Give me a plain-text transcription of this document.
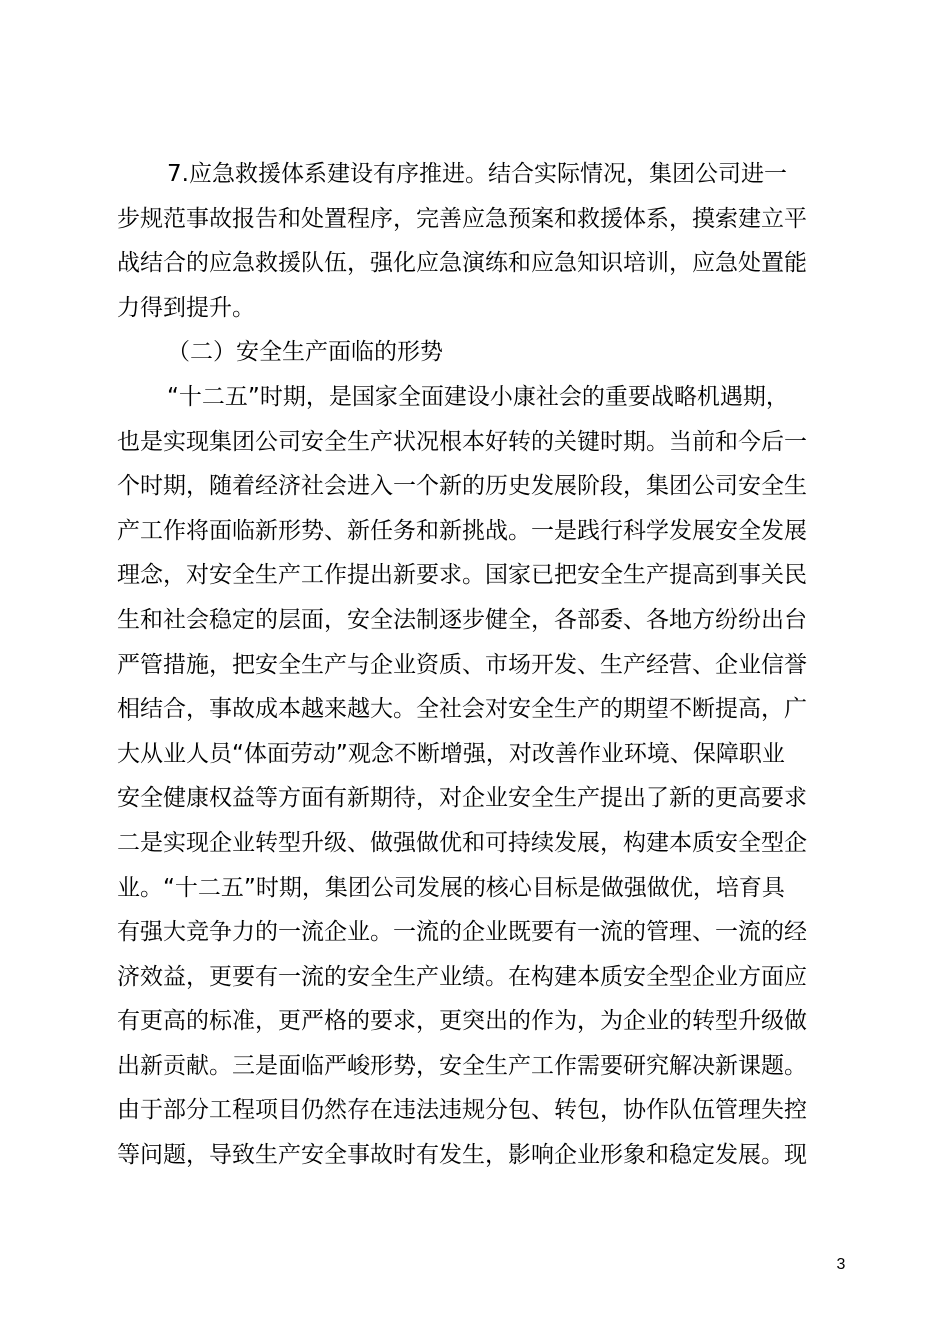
7.应急救援体系建设有序推进。结合实际情况，集团公司进一
步规范事故报告和处置程序，完善应急预案和救援体系，摸索建立平
战结合的应急救援队伍，强化应急演练和应急知识培训，应急处置能
力得到提升。
（二）安全生产面临的形势
“十二五”时期，是国家全面建设小康社会的重要战略机遇期，
也是实现集团公司安全生产状况根本好转的关键时期。当前和今后一
个时期，随着经济社会进入一个新的历史发展阶段，集团公司安全生
产工作将面临新形势、新任务和新挑战。一是践行科学发展安全发展
理念，对安全生产工作提出新要求。国家已把安全生产提高到事关民
生和社会稳定的层面，安全法制逐步健全，各部委、各地方纷纷出台
严管措施，把安全生产与企业资质、市场开发、生产经营、企业信誉
相结合，事故成本越来越大。全社会对安全生产的期望不断提高，广
大从业人员“体面劳动”观念不断增强，对改善作业环境、保障职业
安全健康权益等方面有新期待，对企业安全生产提出了新的更高要求
二是实现企业转型升级、做强做优和可持续发展，构建本质安全型企
业。“十二五”时期，集团公司发展的核心目标是做强做优，培育具
有强大竞争力的一流企业。一流的企业既要有一流的管理、一流的经
济效益，更要有一流的安全生产业绩。在构建本质安全型企业方面应
有更高的标准，更严格的要求，更突出的作为，为企业的转型升级做
出新贡献。三是面临严峻形势，安全生产工作需要研究解决新课题。
由于部分工程项目仍然存在违法违规分包、转包，协作队伍管理失控
等问题，导致生产安全事故时有发生，影响企业形象和稳定发展。现
3
